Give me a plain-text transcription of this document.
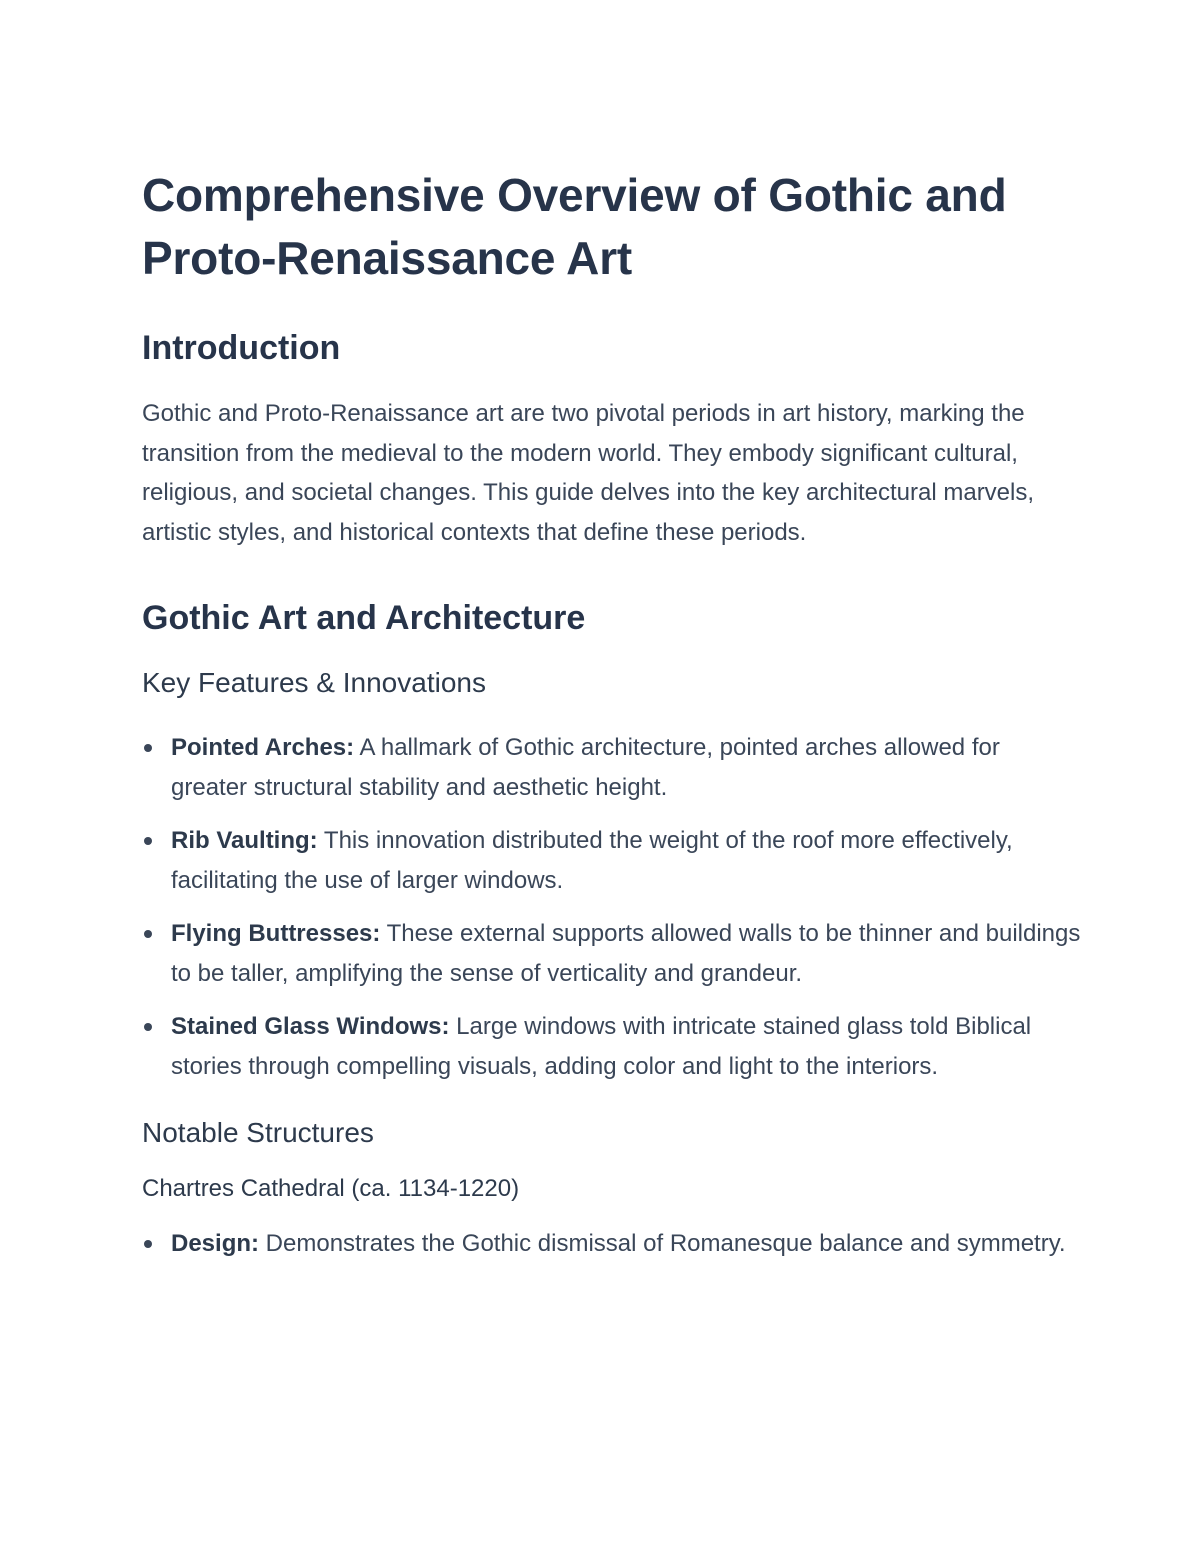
Comprehensive Overview of Gothic and Proto-Renaissance Art
Introduction

Gothic and Proto-Renaissance art are two pivotal periods in art history, marking the transition from the medieval to the modern world. They embody significant cultural, religious, and societal changes. This guide delves into the key architectural marvels, artistic styles, and historical contexts that define these periods.

Gothic Art and Architecture
Key Features & Innovations
Pointed Arches: A hallmark of Gothic architecture, pointed arches allowed for greater structural stability and aesthetic height.
Rib Vaulting: This innovation distributed the weight of the roof more effectively, facilitating the use of larger windows.
Flying Buttresses: These external supports allowed walls to be thinner and buildings to be taller, amplifying the sense of verticality and grandeur.
Stained Glass Windows: Large windows with intricate stained glass told Biblical stories through compelling visuals, adding color and light to the interiors.
Notable Structures
Chartres Cathedral (ca. 1134-1220)
Design: Demonstrates the Gothic dismissal of Romanesque balance and symmetry.
